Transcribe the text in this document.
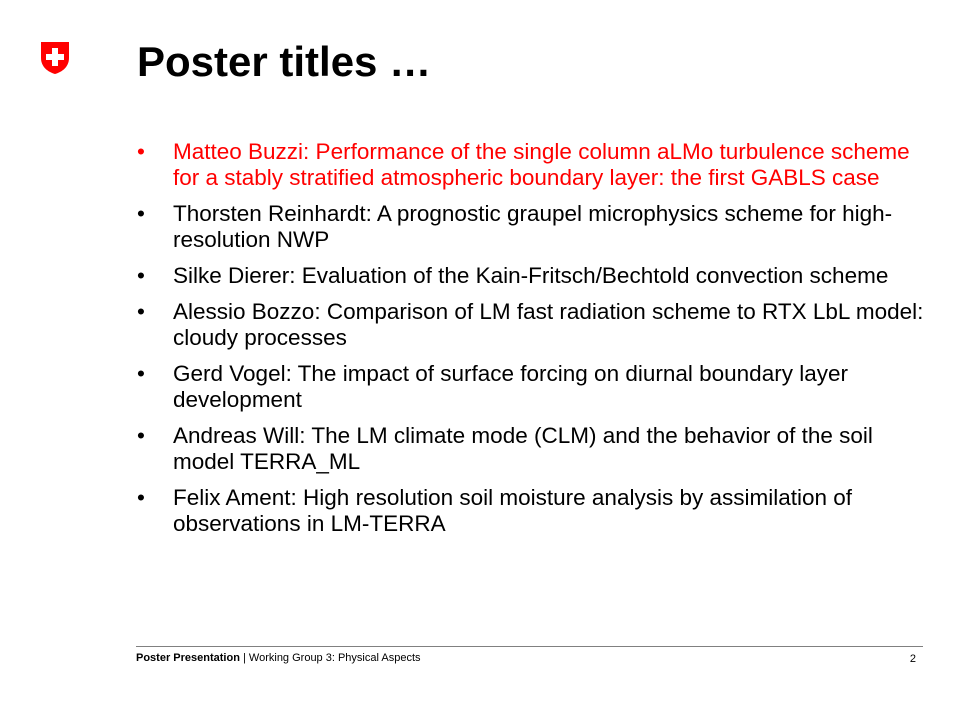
Poster titles …
• Matteo Buzzi: Performance of the single column aLMo turbulence scheme for a stably stratified atmospheric boundary layer: the first GABLS case
• Thorsten Reinhardt: A prognostic graupel microphysics scheme for high-resolution NWP
• Silke Dierer: Evaluation of the Kain-Fritsch/Bechtold convection scheme
• Alessio Bozzo: Comparison of LM fast radiation scheme to RTX LbL model: cloudy processes
• Gerd Vogel: The impact of surface forcing on diurnal boundary layer development
• Andreas Will: The LM climate mode (CLM) and the behavior of the soil model TERRA_ML
• Felix Ament: High resolution soil moisture analysis by assimilation of observations in LM-TERRA
Poster Presentation | Working Group 3: Physical Aspects	2
